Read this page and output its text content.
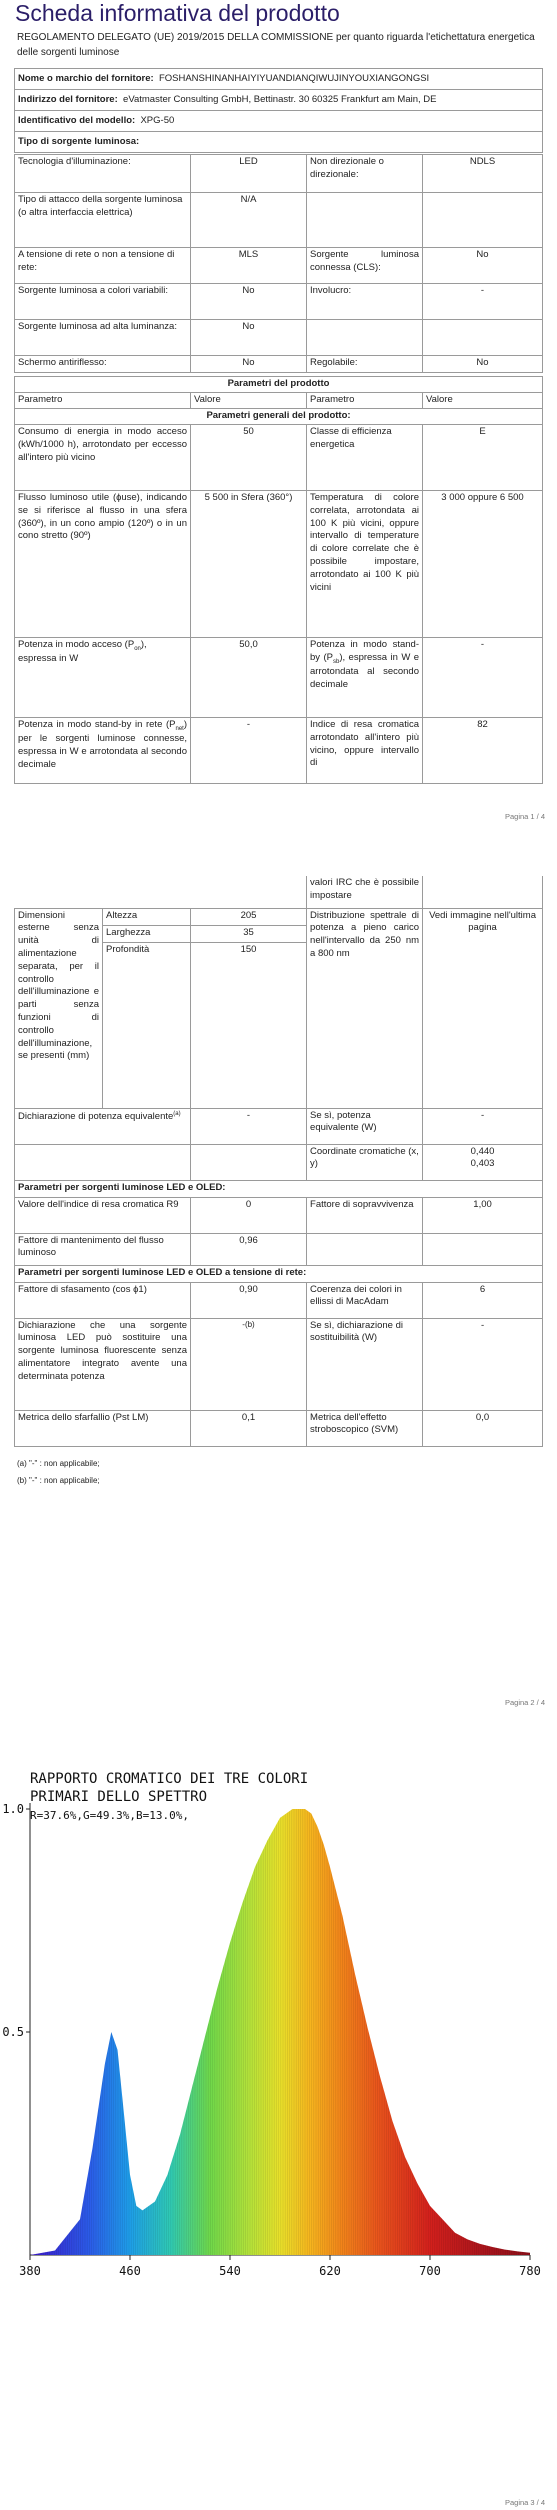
Scheda informativa del prodotto
REGOLAMENTO DELEGATO (UE) 2019/2015 DELLA COMMISSIONE per quanto riguarda l'etichettatura energetica delle sorgenti luminose
Nome o marchio del fornitore: FOSHANSHINANHAIYIYUANDIANQIWUJINYOUXIANGONGSI
Indirizzo del fornitore: eVatmaster Consulting GmbH, Bettinastr. 30 60325 Frankfurt am Main, DE
Identificativo del modello: XPG-50
Tipo di sorgente luminosa:
Tecnologia d'illuminazione:	LED	Non direzionale o direzionale:	NDLS
Tipo di attacco della sorgente luminosa (o altra interfaccia elettrica)	N/A		
A tensione di rete o non a tensione di rete:	MLS	Sorgente luminosa connessa (CLS):	No
Sorgente luminosa a colori variabili:	No	Involucro:	-
Sorgente luminosa ad alta luminanza:	No		
Schermo antiriflesso:	No	Regolabile:	No
Parametri del prodotto			
Parametro	Valore	Parametro	Valore
Parametri generali del prodotto:			
Consumo di energia in modo acceso (kWh/1000 h), arrotondato per eccesso all'intero più vicino	50	Classe di efficienza energetica	E
Flusso luminoso utile (ɸuse), indicando se si riferisce al flusso in una sfera (360º), in un cono ampio (120º) o in un cono stretto (90º)	5 500 in Sfera (360°)	Temperatura di colore correlata, arrotondata ai 100 K più vicini, oppure intervallo di temperature di colore correlate che è possibile impostare, arrotondato ai 100 K più vicini	3 000 oppure 6 500
Potenza in modo acceso $(P_{on})$, espressa in W	50,0	Potenza in modo stand-by $(P_{sb})$, espressa in W e arrotondata al secondo decimale	-
Potenza in modo stand-by in rete $(P_{net})$ per le sorgenti luminose connesse, espressa in W e arrotondata al secondo decimale	-	Indice di resa cromatica arrotondato all'intero più vicino, oppure intervallo di	82
Pagina 1 / 4
			valori IRC che è possibile impostare	
Dimensioni esterne senza unità di alimentazione separata, per il controllo dell'illuminazione e parti senza funzioni di controllo dell'illuminazione, se presenti (mm)	Altezza	205	Distribuzione spettrale di potenza a pieno carico nell'intervallo da 250 nm a 800 nm	Vedi immagine nell'ultima pagina
	Larghezza	35		
	Profondità	150		
Dichiarazione di potenza equivalente$^{(a)}$		-	Se sì, potenza equivalente (W)	-
			Coordinate cromatiche (x, y)	0,440
0,403
Parametri per sorgenti luminose LED e OLED:				
Valore dell'indice di resa cromatica R9		0	Fattore di sopravvivenza	1,00
Fattore di mantenimento del flusso luminoso		0,96		
Parametri per sorgenti luminose LED e OLED a tensione di rete:				
Fattore di sfasamento (cos ϕ1)		0,90	Coerenza dei colori in ellissi di MacAdam	6
Dichiarazione che una sorgente luminosa LED può sostituire una sorgente luminosa fluorescente senza alimentatore integrato avente una determinata potenza		-(b)	Se sì, dichiarazione di sostituibilità (W)	-
Metrica dello sfarfallio (Pst LM)		0,1	Metrica dell'effetto stroboscopico (SVM)	0,0
(a) "-" : non applicabile;
(b) "-" : non applicabile;
Pagina 2 / 4
RAPPORTO CROMATICO DEI TRE COLORI
PRIMARI DELLO SPETTRO
R=37.6%,G=49.3%,B=13.0%,
380	460	540	620	700	780
1.0
0.5
Pagina 3 / 4
